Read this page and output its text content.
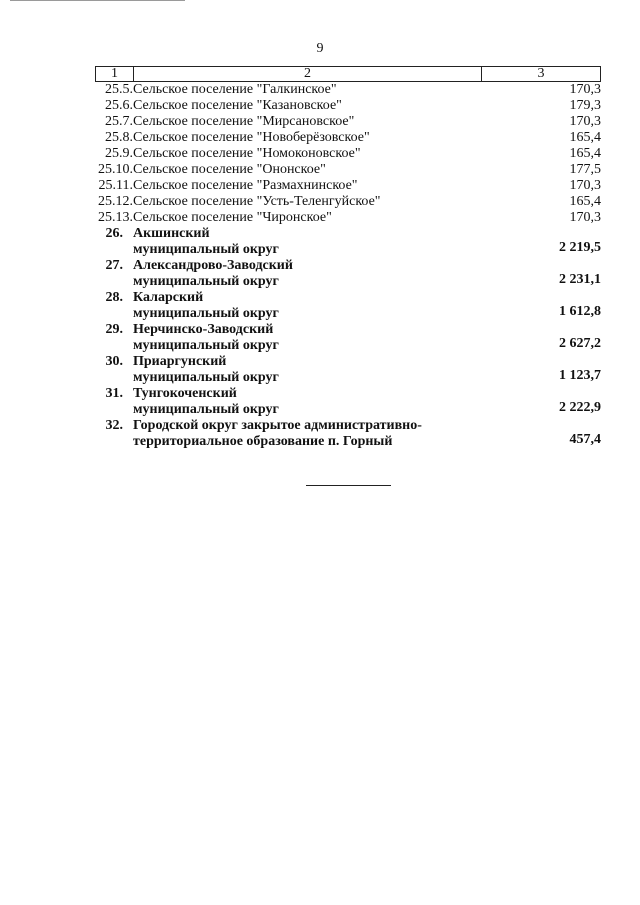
9
1	2	3
25.5. Сельское поселение "Галкинское"	170,3
25.6. Сельское поселение "Казановское"	179,3
25.7. Сельское поселение "Мирсановское"	170,3
25.8. Сельское поселение "Новоберёзовское"	165,4
25.9. Сельское поселение "Номоконовское"	165,4
25.10. Сельское поселение "Ононское"	177,5
25.11. Сельское поселение "Размахнинское"	170,3
25.12. Сельское поселение "Усть-Теленгуйское"	165,4
25.13. Сельское поселение "Чиронское"	170,3
26. Акшинский
муниципальный округ	2 219,5
27. Александрово-Заводский
муниципальный округ	2 231,1
28. Каларский
муниципальный округ	1 612,8
29. Нерчинско-Заводский
муниципальный округ	2 627,2
30. Приаргунский
муниципальный округ	1 123,7
31. Тунгокоченский
муниципальный округ	2 222,9
32. Городской округ закрытое административно-
территориальное образование п. Горный	457,4
